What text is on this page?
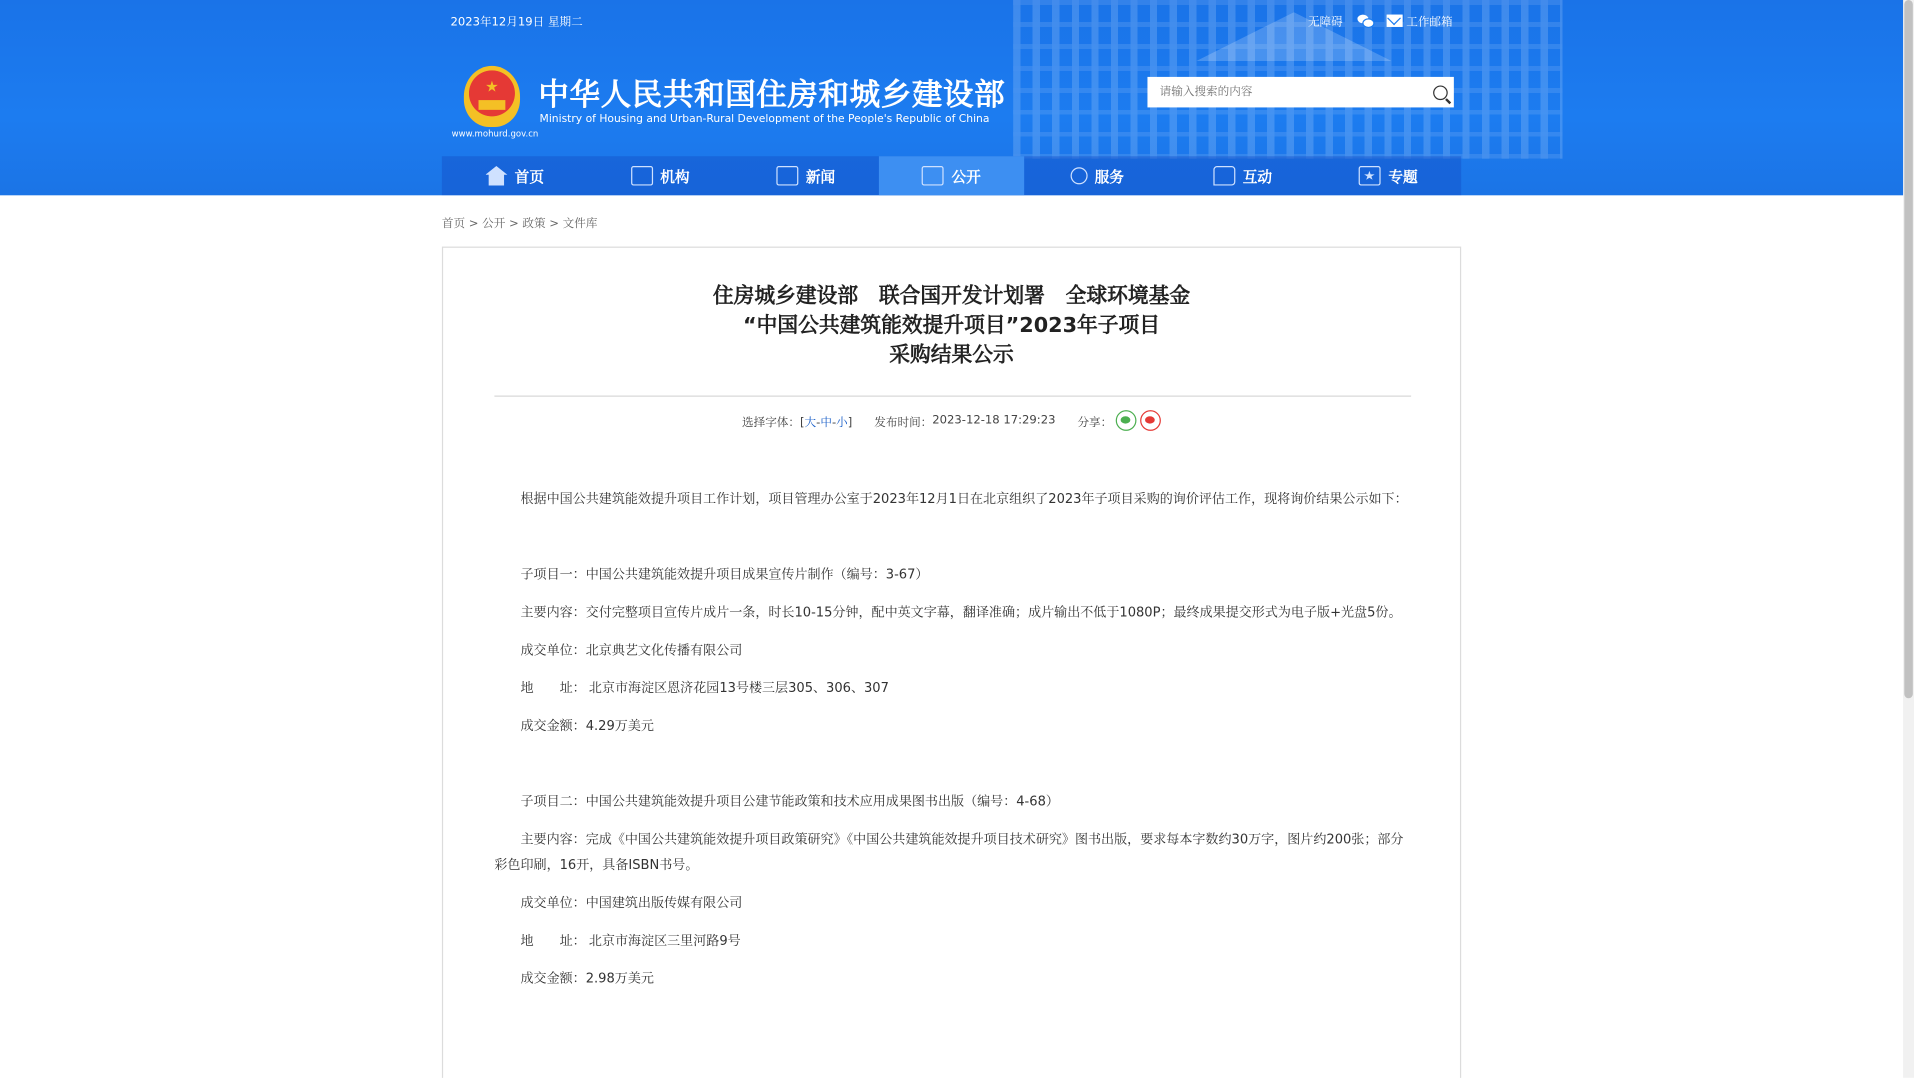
2023年12月19日 星期二	无障碍	工作邮箱
www.mohurd.gov.cn
中华人民共和国住房和城乡建设部
Ministry of Housing and Urban-Rural Development of the People's Republic of China
请输入搜索的内容
首页	机构	新闻	公开	服务	互动	专题
首页 > 公开 > 政策 > 文件库
住房城乡建设部　联合国开发计划署　全球环境基金
“中国公共建筑能效提升项目”2023年子项目
采购结果公示
选择字体：[大-中-小] 发布时间： 2023-12-18 17:29:23 分享：

根据中国公共建筑能效提升项目工作计划，项目管理办公室于2023年12月1日在北京组织了2023年子项目采购的询价评估工作，现将询价结果公示如下：

子项目一：中国公共建筑能效提升项目成果宣传片制作（编号：3-67）

主要内容：交付完整项目宣传片成片一条，时长10-15分钟，配中英文字幕，翻译准确；成片输出不低于1080P；最终成果提交形式为电子版+光盘5份。

成交单位：北京典艺文化传播有限公司

地　　址： 北京市海淀区恩济花园13号楼三层305、306、307

成交金额：4.29万美元

子项目二：中国公共建筑能效提升项目公建节能政策和技术应用成果图书出版（编号：4-68）

主要内容：完成《中国公共建筑能效提升项目政策研究》《中国公共建筑能效提升项目技术研究》图书出版，要求每本字数约30万字，图片约200张；部分彩色印刷，16开，具备ISBN书号。

成交单位：中国建筑出版传媒有限公司

地　　址： 北京市海淀区三里河路9号

成交金额：2.98万美元
